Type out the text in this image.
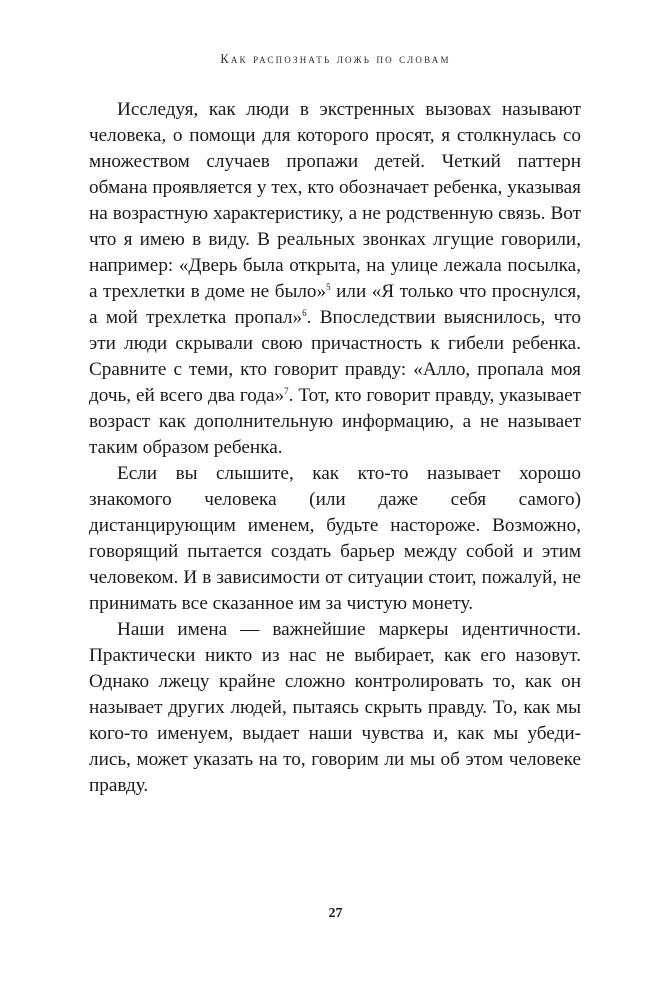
Как распознать ложь по словам

Исследуя, как люди в экстренных вызовах называют человека, о помощи для которого просят, я столкнулась со множеством случаев пропажи детей. Четкий паттерн обмана проявляется у тех, кто обозначает ребенка, указывая на возрастную характеристику, а не родственную связь. Вот что я имею в виду. В реальных звонках лгущие говорили, например: «Дверь была открыта, на улице лежала посылка, а трехлетки в доме не было»$^5$ или «Я только что проснулся, а мой трехлетка пропал»$^6$. Впоследствии выяснилось, что эти люди скрывали свою причастность к гибели ребенка. Сравните с теми, кто говорит правду: «Алло, пропала моя дочь, ей всего два года»$^7$. Тот, кто говорит правду, указывает возраст как дополнительную информацию, а не называет таким образом ребенка.

Если вы слышите, как кто-то называет хорошо знакомого человека (или даже себя самого) дистанцирующим именем, будьте настороже. Возможно, говорящий пытается создать барьер между собой и этим человеком. И в зависимости от ситуации стоит, пожалуй, не принимать все сказанное им за чистую монету.

Наши имена — важнейшие маркеры идентичности. Практически никто из нас не выбирает, как его назовут. Однако лжецу крайне сложно контролировать то, как он называет других людей, пытаясь скрыть правду. То, как мы кого-то именуем, выдает наши чувства и, как мы убедились, может указать на то, говорим ли мы об этом человеке правду.

27
